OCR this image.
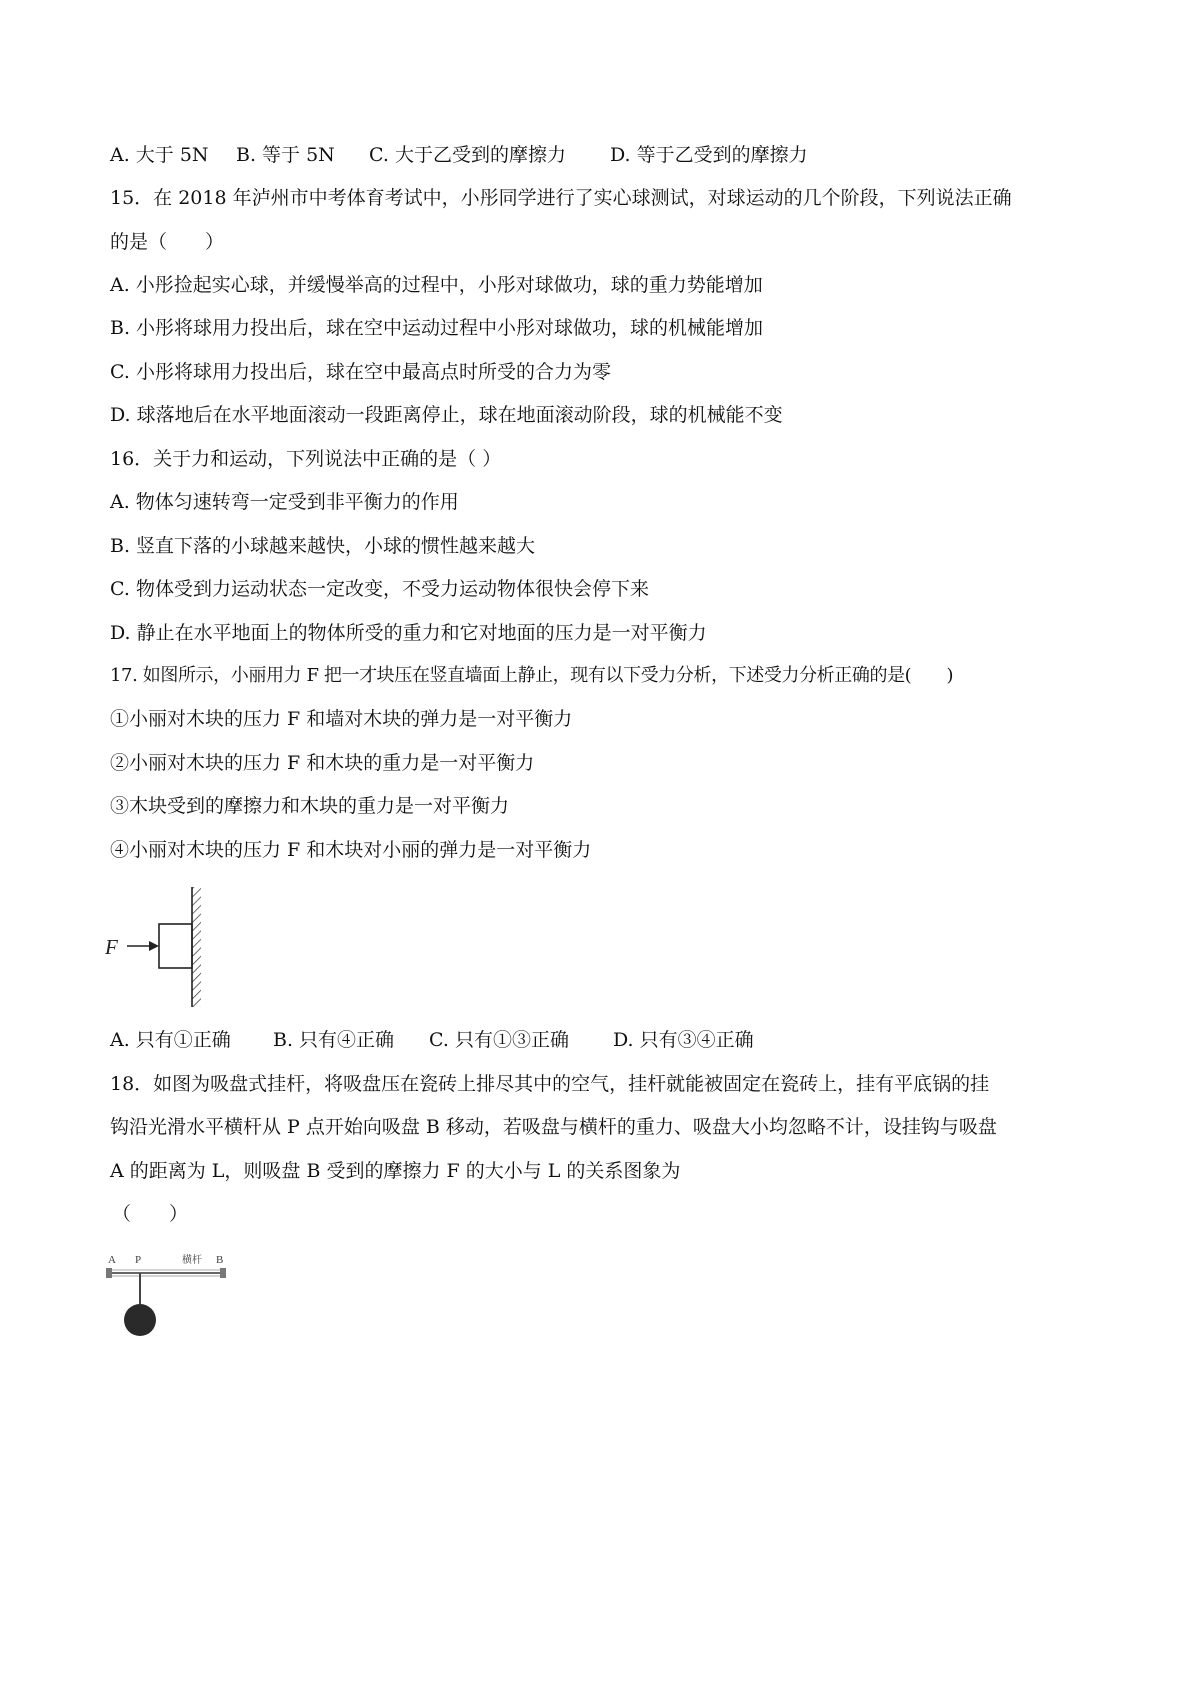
A. 大于 5N B. 等于 5N C. 大于乙受到的摩擦力 D. 等于乙受到的摩擦力
15．在 2018 年泸州市中考体育考试中，小彤同学进行了实心球测试，对球运动的几个阶段，下列说法正确
的是（　　）
A. 小彤捡起实心球，并缓慢举高的过程中，小彤对球做功，球的重力势能增加
B. 小彤将球用力投出后，球在空中运动过程中小彤对球做功，球的机械能增加
C. 小彤将球用力投出后，球在空中最高点时所受的合力为零
D. 球落地后在水平地面滚动一段距离停止，球在地面滚动阶段，球的机械能不变
16．关于力和运动，下列说法中正确的是（ ）
A. 物体匀速转弯一定受到非平衡力的作用
B. 竖直下落的小球越来越快，小球的惯性越来越大
C. 物体受到力运动状态一定改变，不受力运动物体很快会停下来
D. 静止在水平地面上的物体所受的重力和它对地面的压力是一对平衡力
17. 如图所示，小丽用力 F 把一才块压在竖直墙面上静止，现有以下受力分析，下述受力分析正确的是(　　)
①小丽对木块的压力 F 和墙对木块的弹力是一对平衡力
②小丽对木块的压力 F 和木块的重力是一对平衡力
③木块受到的摩擦力和木块的重力是一对平衡力
④小丽对木块的压力 F 和木块对小丽的弹力是一对平衡力
F
A. 只有①正确 B. 只有④正确 C. 只有①③正确 D. 只有③④正确
18．如图为吸盘式挂杆，将吸盘压在瓷砖上排尽其中的空气，挂杆就能被固定在瓷砖上，挂有平底锅的挂
钩沿光滑水平横杆从 P 点开始向吸盘 B 移动，若吸盘与横杆的重力、吸盘大小均忽略不计，设挂钩与吸盘
A 的距离为 L，则吸盘 B 受到的摩擦力 F 的大小与 L 的关系图象为
（　　）
A P	横杆 B
